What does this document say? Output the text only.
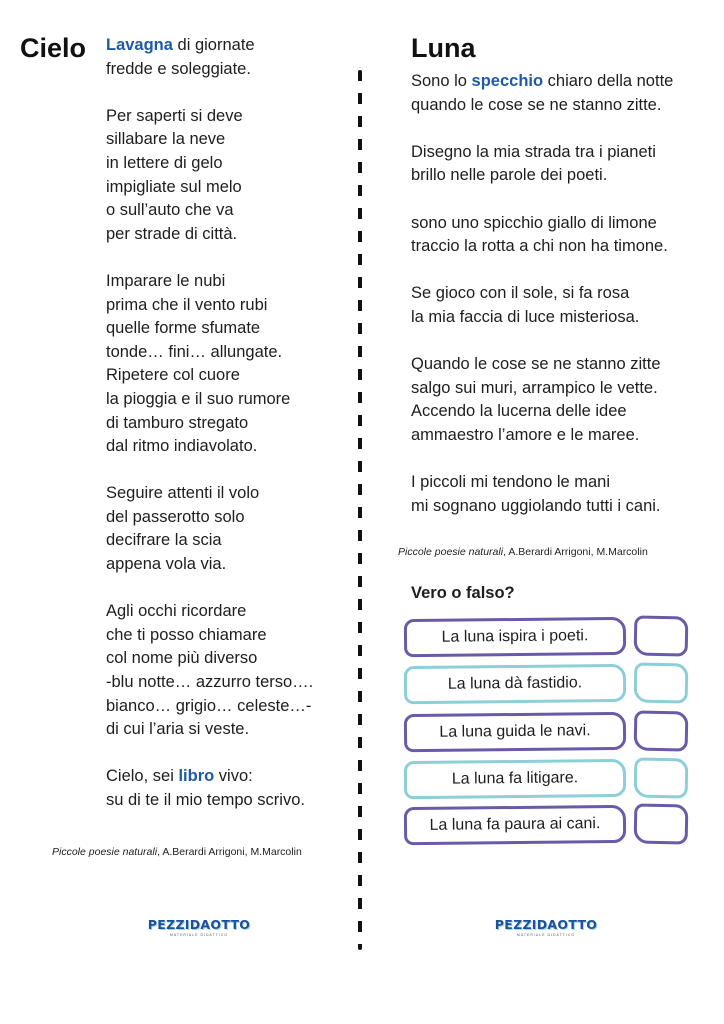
Cielo Lavagna di giornate
fredde e soleggiate.
Per saperti si deve
sillabare la neve
in lettere di gelo
impigliate sul melo
o sull’auto che va
per strade di città.
Imparare le nubi
prima che il vento rubi
quelle forme sfumate
tonde… fini… allungate.
Ripetere col cuore
la pioggia e il suo rumore
di tamburo stregato
dal ritmo indiavolato.
Seguire attenti il volo
del passerotto solo
decifrare la scia
appena vola via.
Agli occhi ricordare
che ti posso chiamare
col nome più diverso
-blu notte… azzurro terso….
bianco… grigio… celeste…-
di cui l’aria si veste.
Cielo, sei libro vivo:
su di te il mio tempo scrivo.
Piccole poesie naturali, A.Berardi Arrigoni, M.Marcolin
Luna
Sono lo specchio chiaro della notte
quando le cose se ne stanno zitte.
Disegno la mia strada tra i pianeti
brillo nelle parole dei poeti.
sono uno spicchio giallo di limone
traccio la rotta a chi non ha timone.
Se gioco con il sole, si fa rosa
la mia faccia di luce misteriosa.
Quando le cose se ne stanno zitte
salgo sui muri, arrampico le vette.
Accendo la lucerna delle idee
ammaestro l’amore e le maree.
I piccoli mi tendono le mani
mi sognano uggiolando tutti i cani.
Piccole poesie naturali, A.Berardi Arrigoni, M.Marcolin
Vero o falso?
La luna ispira i poeti.
La luna dà fastidio.
La luna guida le navi.
La luna fa litigare.
La luna fa paura ai cani.
PEZZIDAOTTO
MATERIALE DIDATTICO
PEZZIDAOTTO
MATERIALE DIDATTICO
